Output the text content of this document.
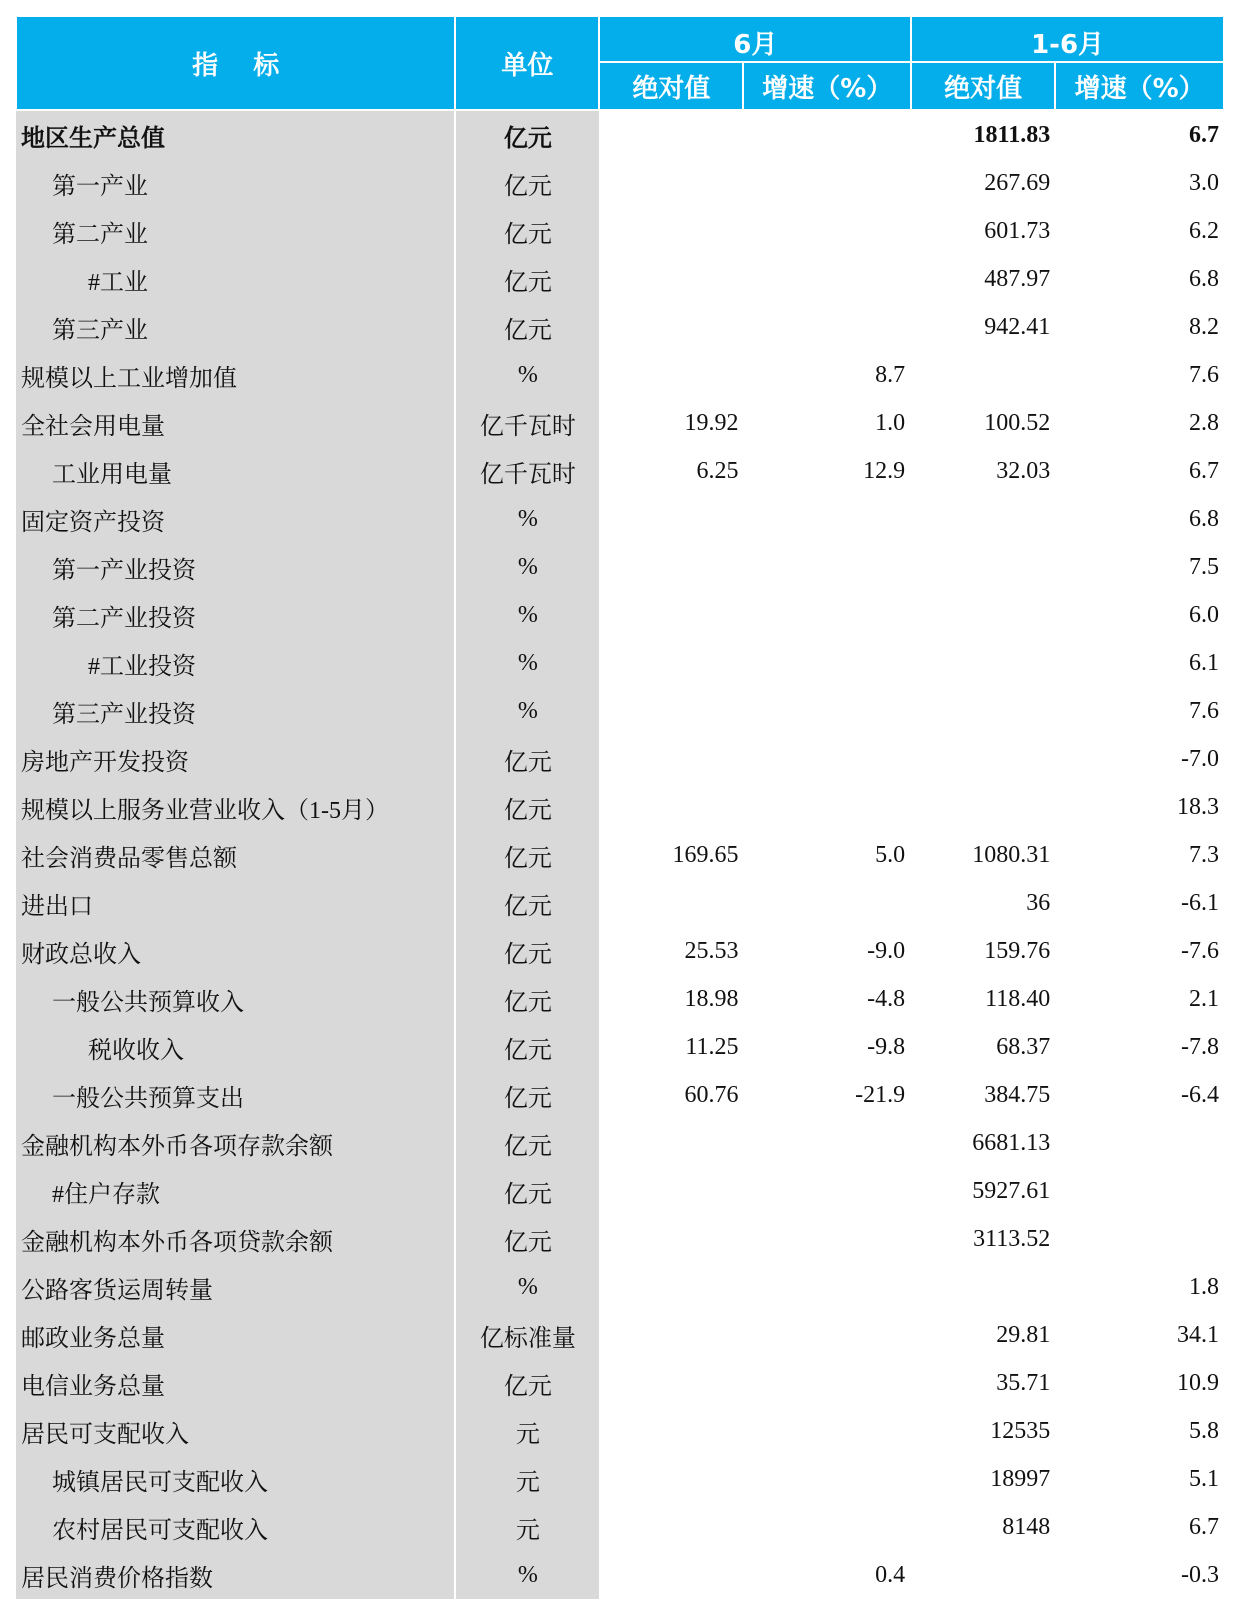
指　 标	单位	6月		1-6月	
		绝对值	增速（%）	绝对值	增速（%）
地区生产总值	亿元			1811.83	6.7
第一产业	亿元			267.69	3.0
第二产业	亿元			601.73	6.2
#工业	亿元			487.97	6.8
第三产业	亿元			942.41	8.2
规模以上工业增加值	%		8.7		7.6
全社会用电量	亿千瓦时	19.92	1.0	100.52	2.8
工业用电量	亿千瓦时	6.25	12.9	32.03	6.7
固定资产投资	%				6.8
第一产业投资	%				7.5
第二产业投资	%				6.0
#工业投资	%				6.1
第三产业投资	%				7.6
房地产开发投资	亿元				-7.0
规模以上服务业营业收入（1-5月）	亿元				18.3
社会消费品零售总额	亿元	169.65	5.0	1080.31	7.3
进出口	亿元			36	-6.1
财政总收入	亿元	25.53	-9.0	159.76	-7.6
一般公共预算收入	亿元	18.98	-4.8	118.40	2.1
税收收入	亿元	11.25	-9.8	68.37	-7.8
一般公共预算支出	亿元	60.76	-21.9	384.75	-6.4
金融机构本外币各项存款余额	亿元			6681.13	
#住户存款	亿元			5927.61	
金融机构本外币各项贷款余额	亿元			3113.52	
公路客货运周转量	%				1.8
邮政业务总量	亿标准量			29.81	34.1
电信业务总量	亿元			35.71	10.9
居民可支配收入	元			12535	5.8
城镇居民可支配收入	元			18997	5.1
农村居民可支配收入	元			8148	6.7
居民消费价格指数	%		0.4		-0.3
